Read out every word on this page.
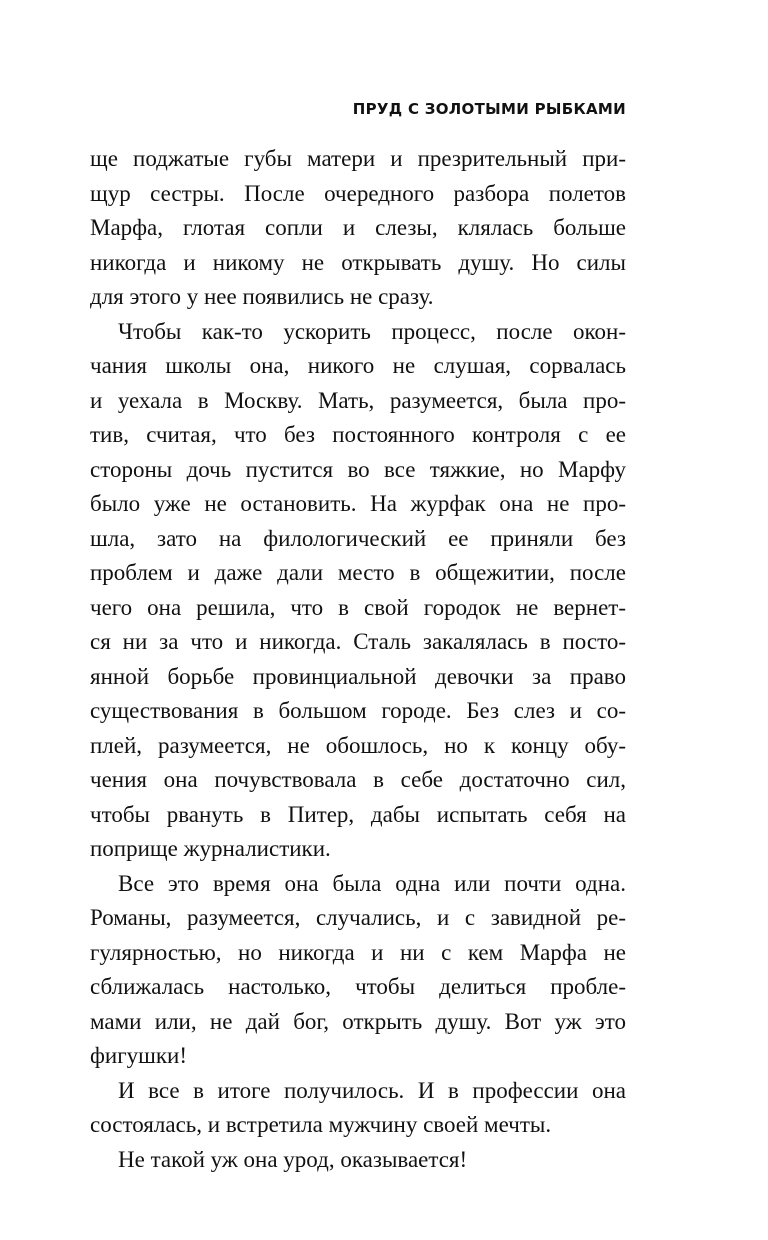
ПРУД С ЗОЛОТЫМИ РЫБКАМИ

ще поджатые губы матери и презрительный при-
щур сестры. После очередного разбора полетов
Марфа, глотая сопли и слезы, клялась больше
никогда и никому не открывать душу. Но силы
для этого у нее появились не сразу.

Чтобы как-то ускорить процесс, после окон-
чания школы она, никого не слушая, сорвалась
и уехала в Москву. Мать, разумеется, была про-
тив, считая, что без постоянного контроля с ее
стороны дочь пустится во все тяжкие, но Марфу
было уже не остановить. На журфак она не про-
шла, зато на филологический ее приняли без
проблем и даже дали место в общежитии, после
чего она решила, что в свой городок не вернет-
ся ни за что и никогда. Сталь закалялась в посто-
янной борьбе провинциальной девочки за право
существования в большом городе. Без слез и со-
плей, разумеется, не обошлось, но к концу обу-
чения она почувствовала в себе достаточно сил,
чтобы рвануть в Питер, дабы испытать себя на
поприще журналистики.

Все это время она была одна или почти одна.
Романы, разумеется, случались, и с завидной ре-
гулярностью, но никогда и ни с кем Марфа не
сближалась настолько, чтобы делиться пробле-
мами или, не дай бог, открыть душу. Вот уж это
фигушки!

И все в итоге получилось. И в профессии она
состоялась, и встретила мужчину своей мечты.

Не такой уж она урод, оказывается!
